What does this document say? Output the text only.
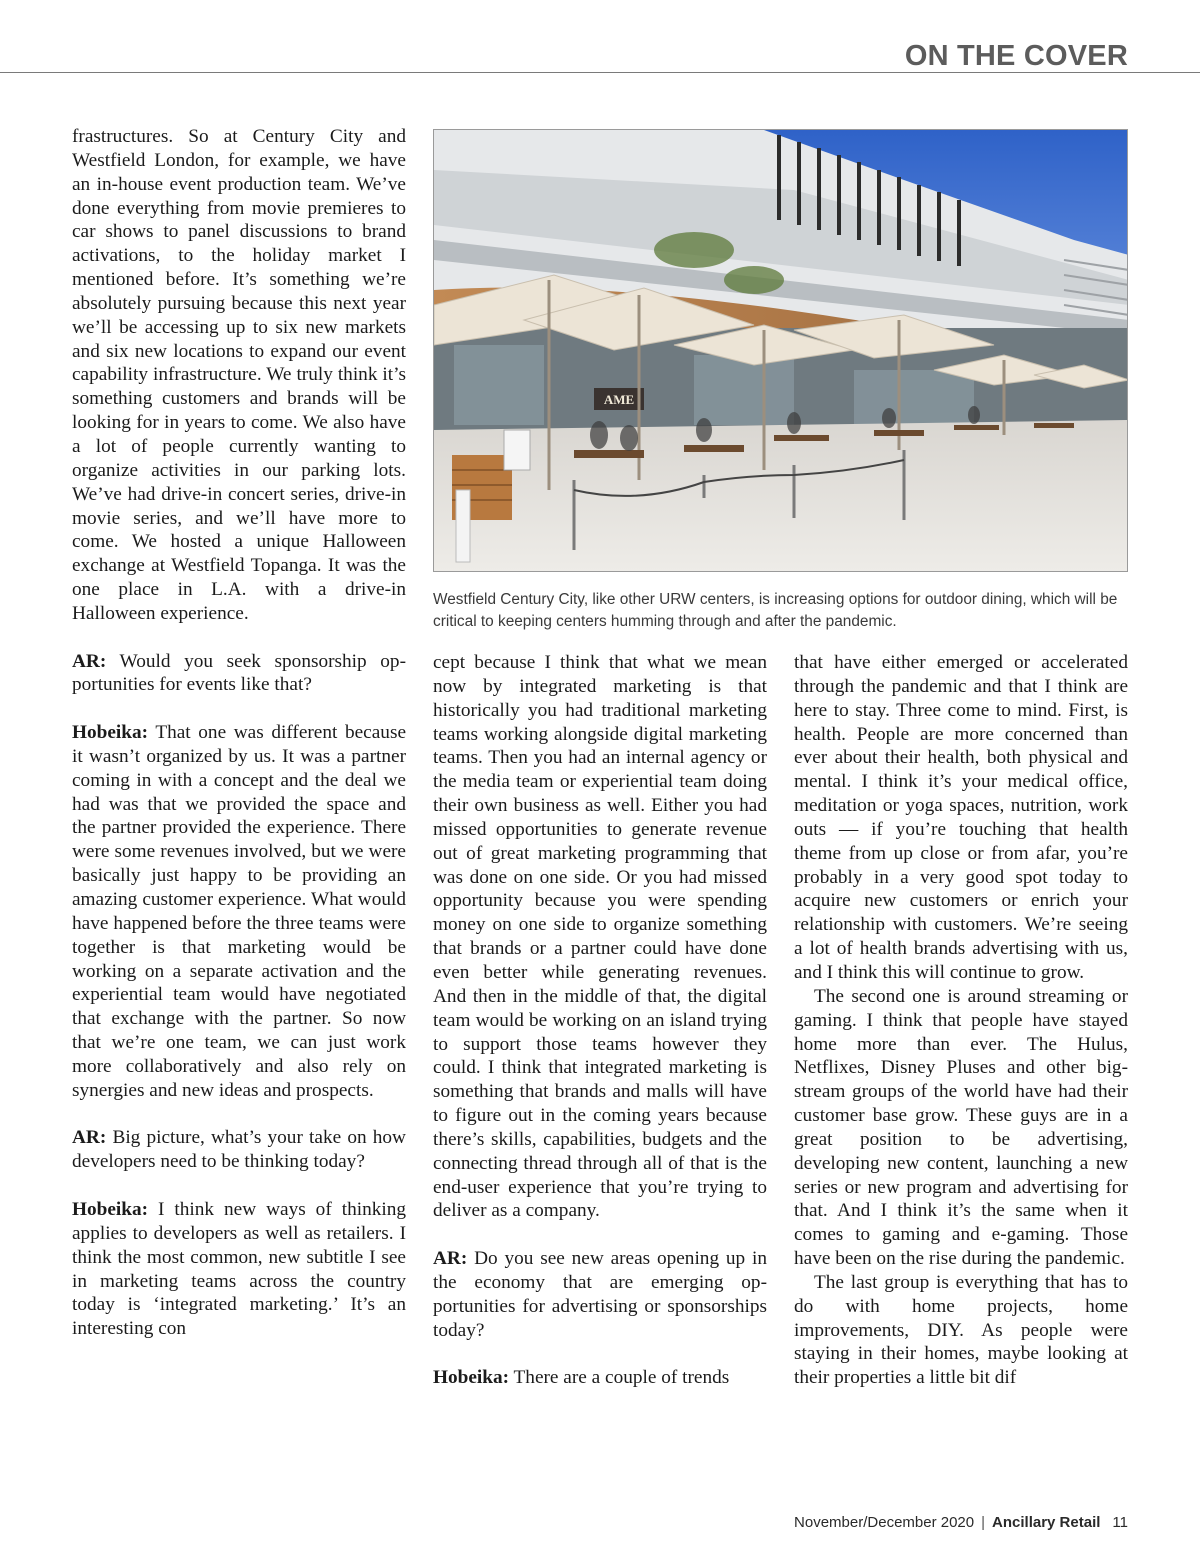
ON THE COVER

frastructures. So at Century City and Westfield London, for example, we have an in-house event production team. We’ve done everything from movie premieres to car shows to panel discussions to brand activations, to the holiday market I mentioned before. It’s something we’re absolutely pursuing because this next year we’ll be accessing up to six new markets and six new locations to expand our event capability infrastructure. We truly think it’s something customers and brands will be looking for in years to come. We also have a lot of people currently wanting to organize activities in our parking lots. We’ve had drive-in concert series, drive-in movie series, and we’ll have more to come. We hosted a unique Halloween exchange at Westfield Topanga. It was the one place in L.A. with a drive-in Halloween experience.

AR: Would you seek sponsorship opportunities for events like that?

Hobeika: That one was different because it wasn’t organized by us. It was a partner coming in with a concept and the deal we had was that we provided the space and the partner provided the experience. There were some revenues involved, but we were basically just happy to be providing an amazing customer experience. What would have happened before the three teams were together is that marketing would be working on a separate activation and the experiential team would have negotiated that exchange with the partner. So now that we’re one team, we can just work more collaboratively and also rely on synergies and new ideas and prospects.

AR: Big picture, what’s your take on how developers need to be thinking today?

Hobeika: I think new ways of thinking applies to developers as well as retailers. I think the most common, new subtitle I see in marketing teams across the country today is ‘integrated marketing.’ It’s an interesting con

AME
Westfield Century City, like other URW centers, is increasing options for outdoor dining, which will be critical to keeping centers humming through and after the pandemic.

cept because I think that what we mean now by integrated marketing is that historically you had traditional marketing teams working alongside digital marketing teams. Then you had an internal agency or the media team or experiential team doing their own business as well. Either you had missed opportunities to generate revenue out of great marketing programming that was done on one side. Or you had missed opportunity because you were spending money on one side to organize something that brands or a partner could have done even better while generating revenues. And then in the middle of that, the digital team would be working on an island trying to support those teams however they could. I think that integrated marketing is something that brands and malls will have to figure out in the coming years because there’s skills, capabilities, budgets and the connecting thread through all of that is the end-user experience that you’re trying to deliver as a company.

AR: Do you see new areas opening up in the economy that are emerging opportunities for advertising or sponsorships today?

Hobeika: There are a couple of trends

that have either emerged or accelerated through the pandemic and that I think are here to stay. Three come to mind. First, is health. People are more concerned than ever about their health, both physical and mental. I think it’s your medical office, meditation or yoga spaces, nutrition, work outs — if you’re touching that health theme from up close or from afar, you’re probably in a very good spot today to acquire new customers or enrich your relationship with customers. We’re seeing a lot of health brands advertising with us, and I think this will continue to grow.

The second one is around streaming or gaming. I think that people have stayed home more than ever. The Hulus, Netflixes, Disney Pluses and other big-stream groups of the world have had their customer base grow. These guys are in a great position to be advertising, developing new content, launching a new series or new program and advertising for that. And I think it’s the same when it comes to gaming and e-gaming. Those have been on the rise during the pandemic.

The last group is everything that has to do with home projects, home improvements, DIY. As people were staying in their homes, maybe looking at their properties a little bit dif

November/December 2020 | Ancillary Retail 11
